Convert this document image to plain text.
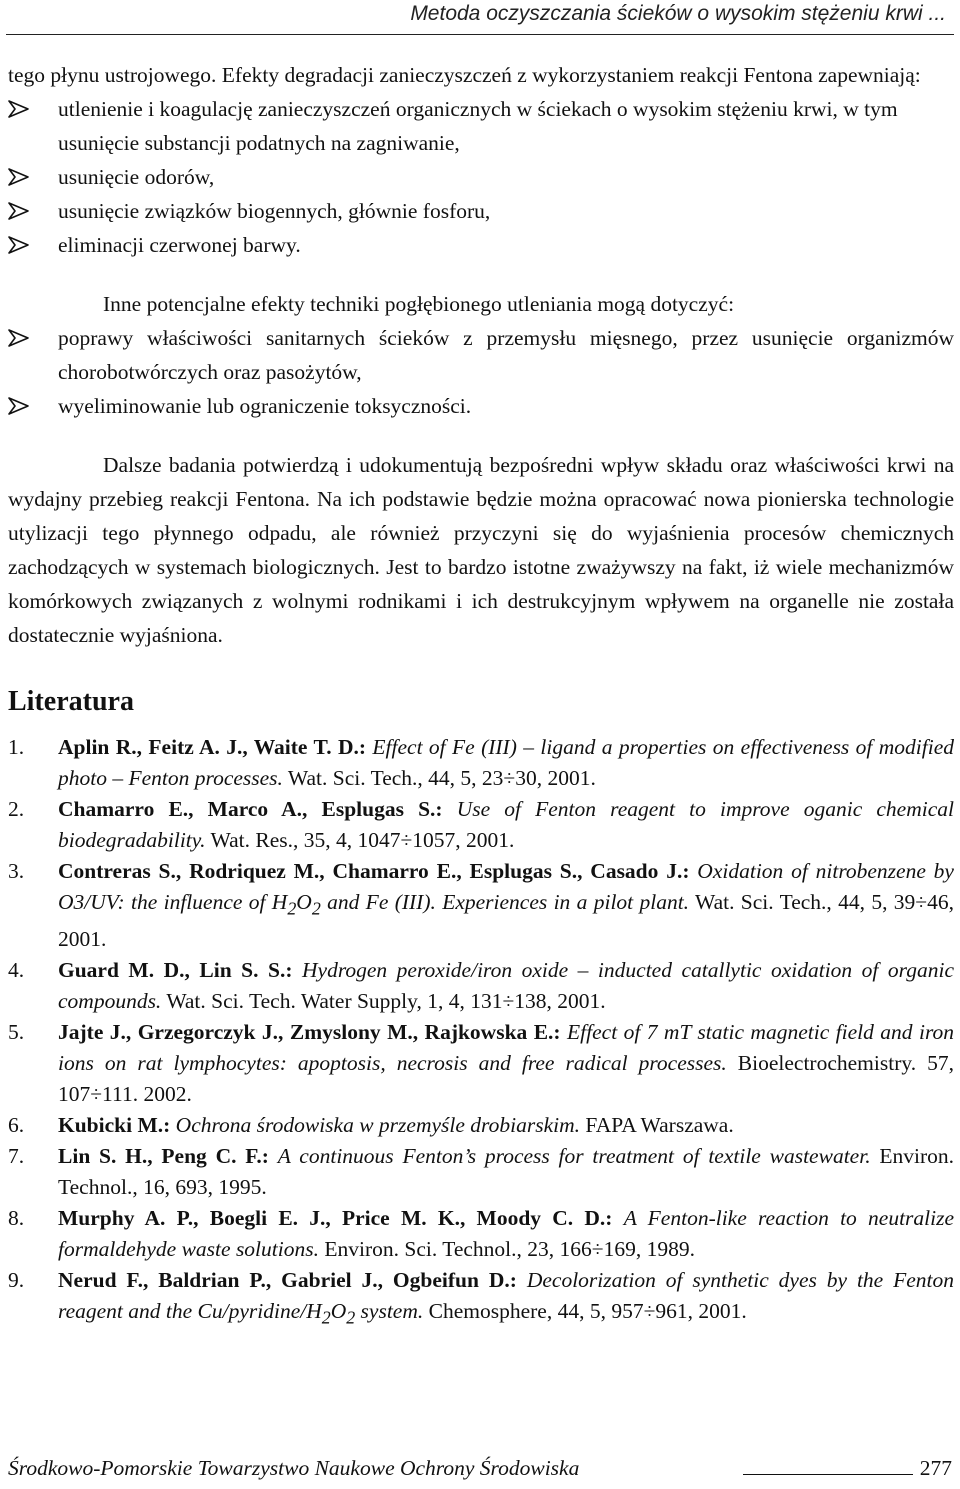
Metoda oczyszczania ścieków o wysokim stężeniu krwi ...

tego płynu ustrojowego. Efekty degradacji zanieczyszczeń z wykorzystaniem reakcji Fentona zapewniają:

utlenienie i koagulację zanieczyszczeń organicznych w ściekach o wysokim stężeniu krwi, w tym usunięcie substancji podatnych na zagniwanie,
usunięcie odorów,
usunięcie związków biogennych, głównie fosforu,
eliminacji czerwonej barwy.

Inne potencjalne efekty techniki pogłębionego utleniania mogą dotyczyć:

poprawy właściwości sanitarnych ścieków z przemysłu mięsnego, przez usunięcie organizmów chorobotwórczych oraz pasożytów,
wyeliminowanie lub ograniczenie toksyczności.

Dalsze badania potwierdzą i udokumentują bezpośredni wpływ składu oraz właściwości krwi na wydajny przebieg reakcji Fentona. Na ich podstawie będzie można opracować nowa pionierska technologie utylizacji tego płynnego odpadu, ale również przyczyni się do wyjaśnienia procesów chemicznych zachodzących w systemach biologicznych. Jest to bardzo istotne zważywszy na fakt, iż wiele mechanizmów komórkowych związanych z wolnymi rodnikami i ich destrukcyjnym wpływem na organelle nie została dostatecznie wyjaśniona.

Literatura
1. Aplin R., Feitz A. J., Waite T. D.: Effect of Fe (III) – ligand a properties on effectiveness of modified photo – Fenton processes. Wat. Sci. Tech., 44, 5, 23÷30, 2001.
2. Chamarro E., Marco A., Esplugas S.: Use of Fenton reagent to improve oganic chemical biodegradability. Wat. Res., 35, 4, 1047÷1057, 2001.
3. Contreras S., Rodriquez M., Chamarro E., Esplugas S., Casado J.: Oxidation of nitrobenzene by O3/UV: the influence of $H_2O_2$ and Fe (III). Experiences in a pilot plant. Wat. Sci. Tech., 44, 5, 39÷46, 2001.
4. Guard M. D., Lin S. S.: Hydrogen peroxide/iron oxide – inducted catallytic oxidation of organic compounds. Wat. Sci. Tech. Water Supply, 1, 4, 131÷138, 2001.
5. Jajte J., Grzegorczyk J., Zmyslony M., Rajkowska E.: Effect of 7 mT static magnetic field and iron ions on rat lymphocytes: apoptosis, necrosis and free radical processes. Bioelectrochemistry. 57, 107÷111. 2002.
6. Kubicki M.: Ochrona środowiska w przemyśle drobiarskim. FAPA Warszawa.
7. Lin S. H., Peng C. F.: A continuous Fenton’s process for treatment of textile wastewater. Environ. Technol., 16, 693, 1995.
8. Murphy A. P., Boegli E. J., Price M. K., Moody C. D.: A Fenton-like reaction to neutralize formaldehyde waste solutions. Environ. Sci. Technol., 23, 166÷169, 1989.
9. Nerud F., Baldrian P., Gabriel J., Ogbeifun D.: Decolorization of synthetic dyes by the Fenton reagent and the $Cu/pyridine/H_2O_2$ system. Chemosphere, 44, 5, 957÷961, 2001.
Środkowo-Pomorskie Towarzystwo Naukowe Ochrony Środowiska	277
